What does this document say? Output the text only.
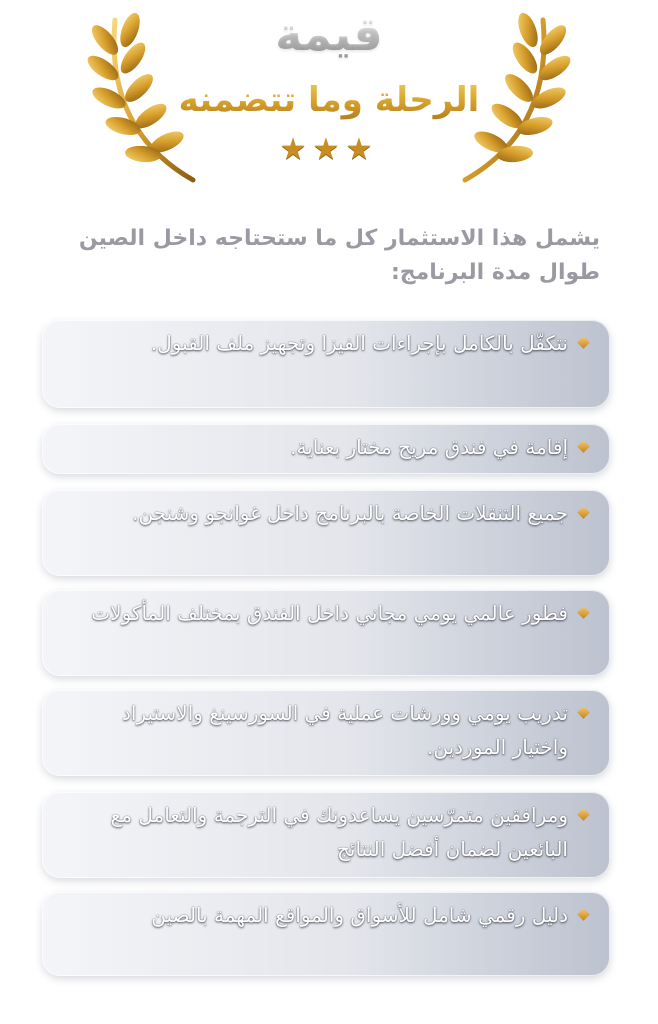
قيمة
الرحلة وما تتضمنه
★★★
يشمل هذا الاستثمار كل ما ستحتاجه داخل الصين طوال مدة البرنامج:
نتكفّل بالكامل بإجراءات الفيزا وتجهيز ملف القبول.
إقامة في فندق مريح مختار بعناية.
جميع التنقلات الخاصة بالبرنامج داخل غوانجو وشنجن.
فطور عالمي يومي مجاني داخل الفندق بمختلف المأكولات
تدريب يومي وورشات عملية في السورسينغ والاستيراد واختيار الموردين.
ومرافقين متمرّسين يساعدونك في الترجمة والتعامل مع البائعين لضمان أفضل النتائج
دليل رقمي شامل للأسواق والمواقع المهمة بالصين
